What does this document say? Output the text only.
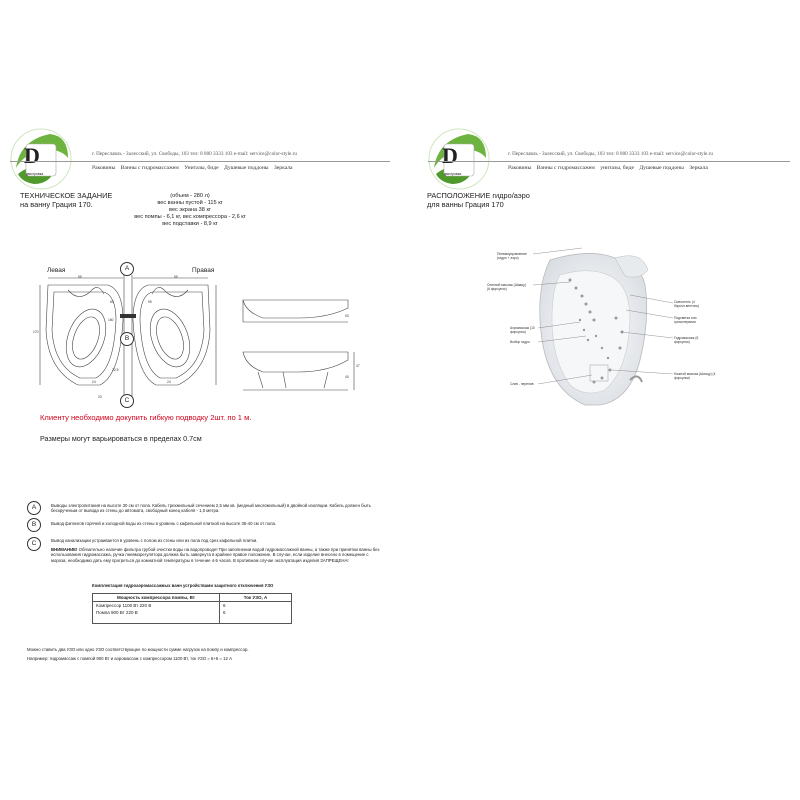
D
дмитровка
г. Переславль - Залесский, ул. Свободы, 103 тел: 8 800 3333 103 e-mail: service@color-style.ru
Раковины Ванны с гидромассажем Унитазы, биде Душевые поддоны Зеркала
ТЕХНИЧЕСКОЕ ЗАДАНИЕ
на ванну Грация 170.
(объем - 280 л)
вес ванны пустой - 115 кг
вес экрана 38 кг
вес помпы - 6,1 кг, вес компрессора - 2,6 кг
вес подставки - 8,9 кг
Левая	Правая
A
B
C
55	55
170
160
80	95
22,5
24
20
24
53
37
40
Клиенту необходимо докупить гибкую подводку 2шт. по 1 м.
Размеры могут варьироваться в пределах 0.7см
A	Выводы электропитания на высоте 30 см от пола. Кабель трехжильный сечением 2,5 мм кв. (медный многожильный) в двойной изоляции. Кабель должен быть бескрученым от вывода из стены до автомата, свободный конец кабеля - 1,0 метра.
B	Вывод фитингов горячей и холодной воды из стены в уровень с кафельной плиткой на высоте 35-40 см от пола.
C	Вывод канализации устраивается в уровень с полом из стены или из пола под срез кафельной плитки.
ВНИМАНИЕ! Обязательно наличие фильтра грубой очистки воды на водопроводе! При заполнении водой гидромассажной ванны, а также при принятии ванны без использования гидромассажа, ручка пневморегулятора должна быть завернута в крайнее правое положение. В случае, если изделие внесено в помещение с мороза, необходимо дать ему прогреться до комнатной температуры в течение 4-5 часов. В противном случае эксплуатация изделия ЗАПРЕЩЕНА!
Комплектация гидроаэромассажных ванн устройствами защитного отключения УЗО
Мощность компрессора помпы, Вт	Ток УЗО, А
Компрессор 1100 Вт 220 В	6
Помпа 900 Вт 220 В	6
Можно ставить два УЗО или одно УЗО соответствующее по мощности сумме нагрузок на помпу и компрессор.
Например: гидромассаж с помпой 900 Вт и аэромассаж с компрессором 1100 Вт, ток УЗО = 6+6 = 12 А
D
дмитровка
г. Переславль - Залесский, ул. Свободы, 103 тел: 8 800 3333 103 e-mail: service@color-style.ru
Раковины Ванны с гидромассажем унитазы, биде Душевые поддоны Зеркала
РАСПОЛОЖЕНИЕ гидро/аэро
для ванны Грация 170
Пневмоуправление (гидро + аэро)
Спинной массаж (Шиацу) (6 форсунок)
Аэромассаж (10 форсунок)
Выбор гидро
Слив - перелив
Смеситель (4 барочн.вентиль)
Подсветка или хромотерапия
Гидромассаж (6 форсунок)
Ножной массаж (Шиацу) (4 форсунки)
